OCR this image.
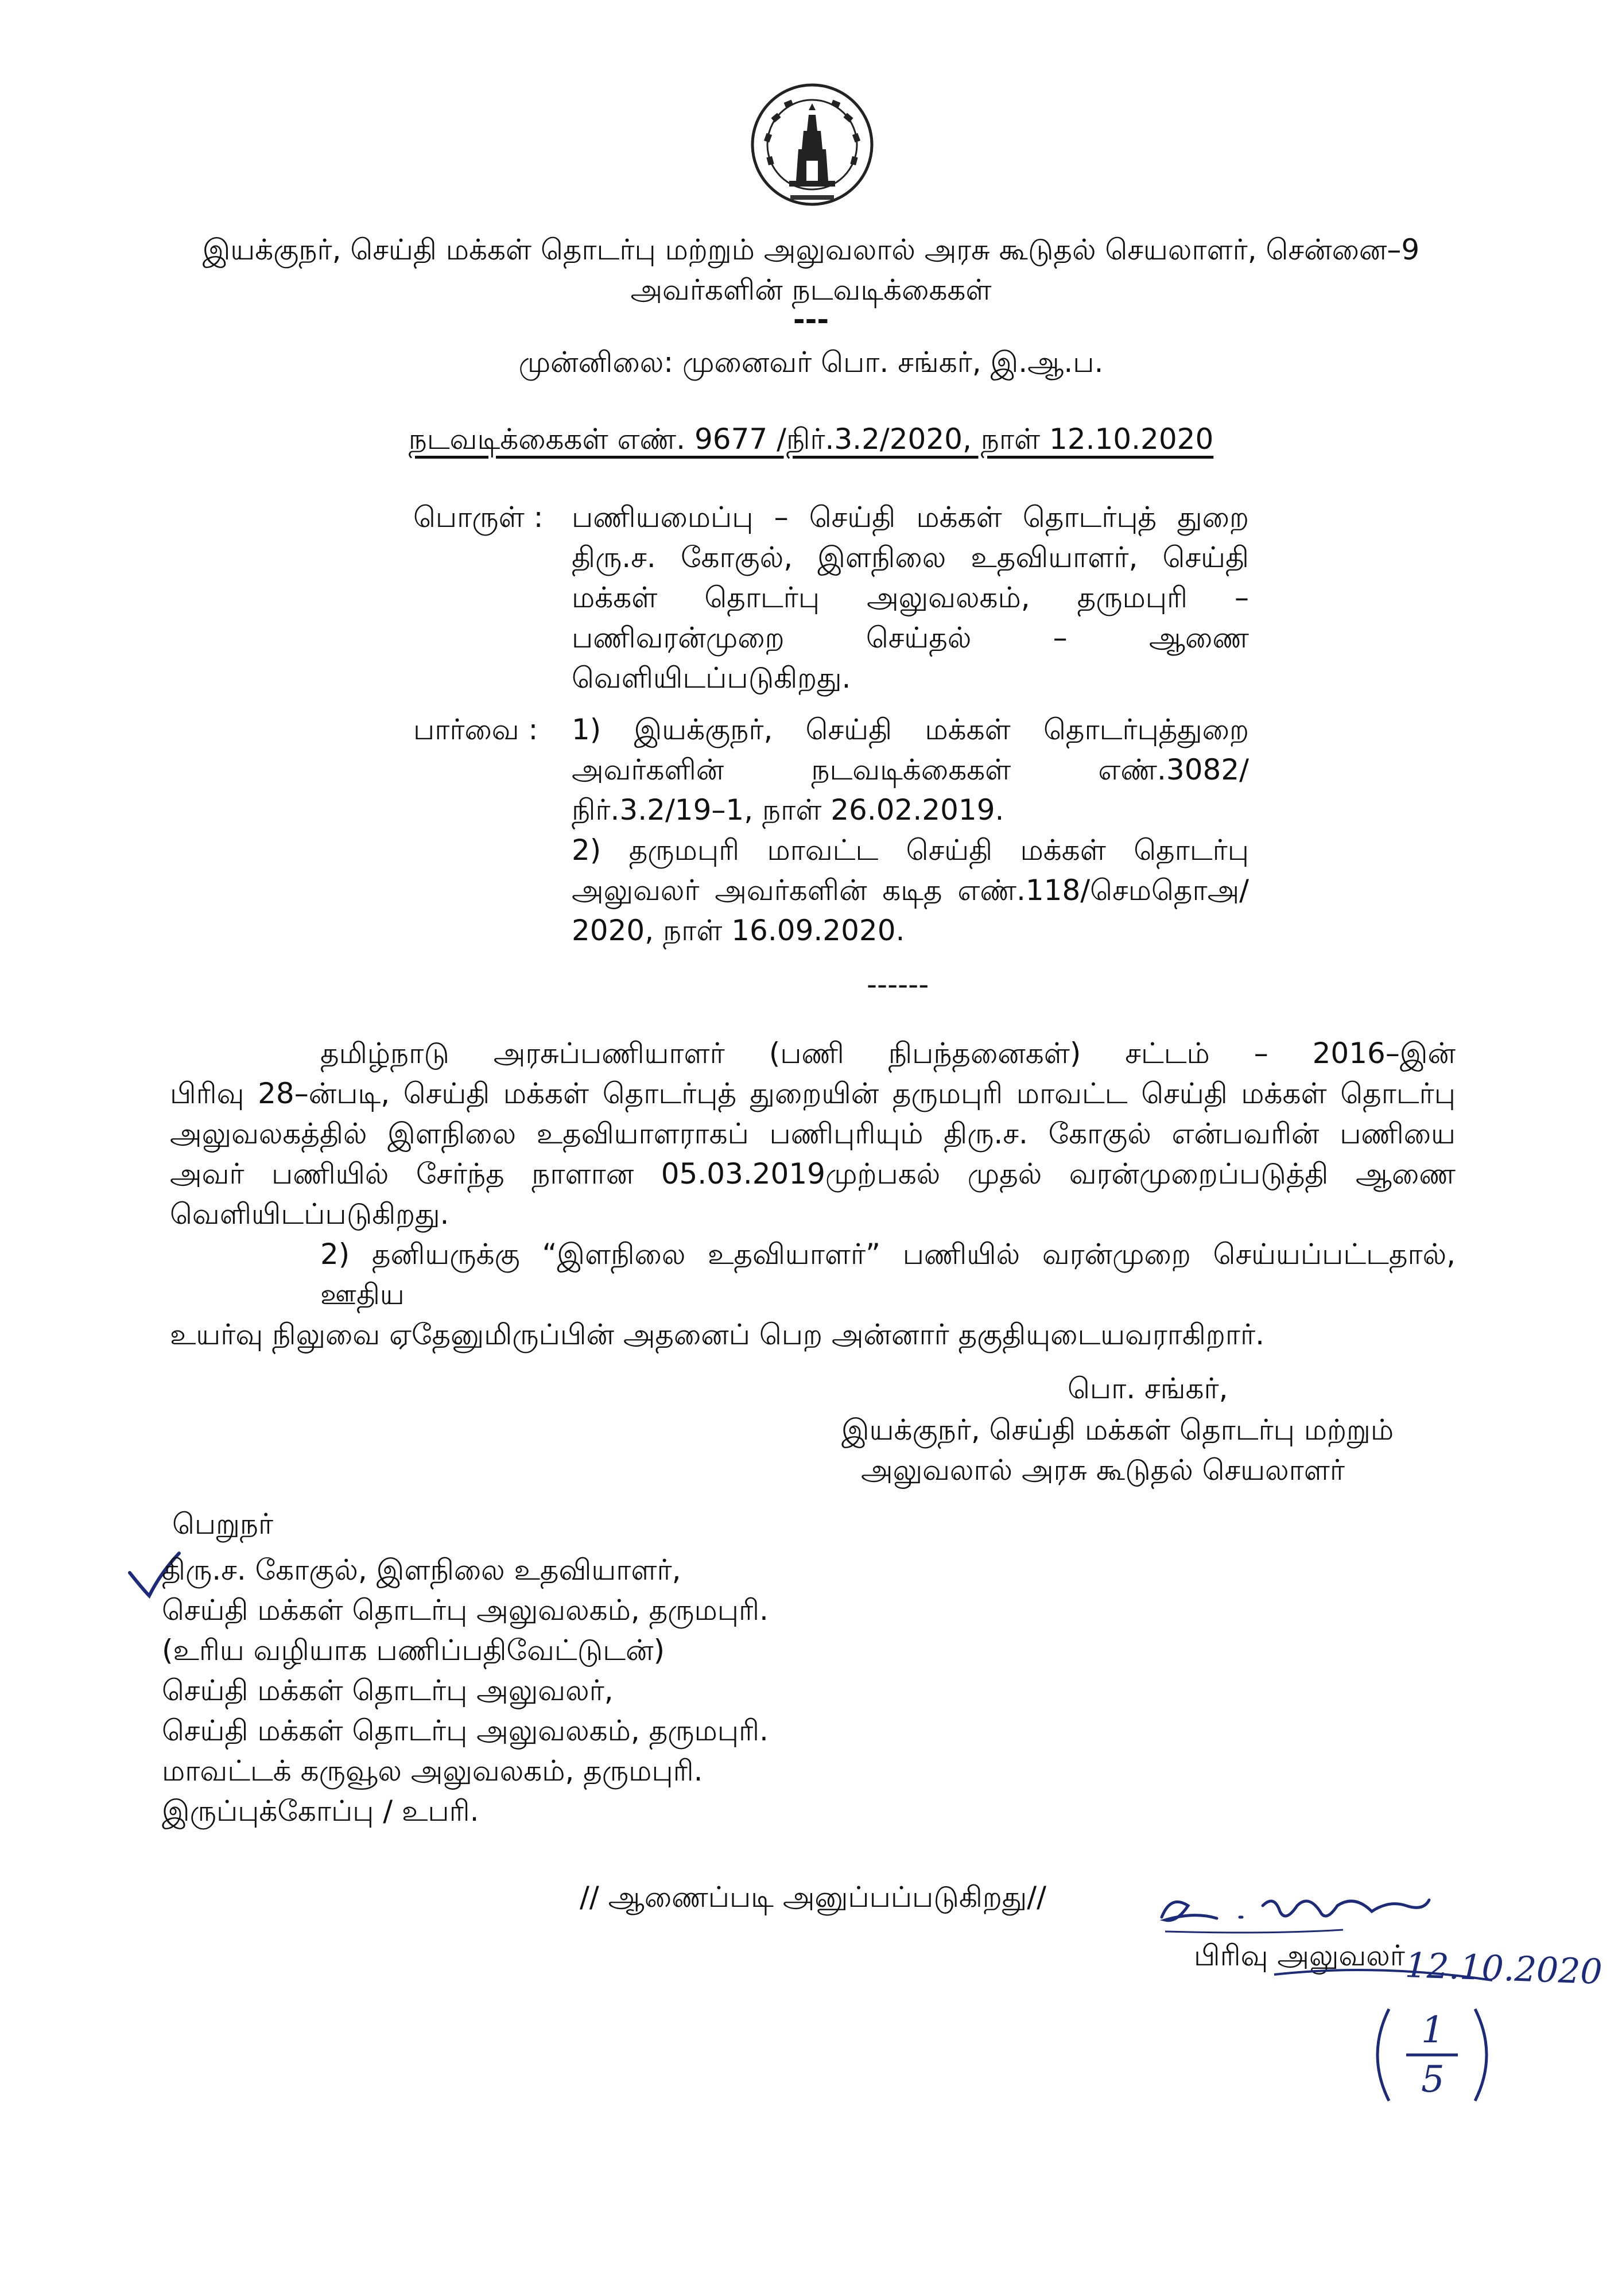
இயக்குநர், செய்தி மக்கள் தொடர்பு மற்றும் அலுவலால் அரசு கூடுதல் செயலாளர், சென்னை–9
அவர்களின் நடவடிக்கைகள்
---
முன்னிலை: முனைவர் பொ. சங்கர், இ.ஆ.ப.
நடவடிக்கைகள் எண். 9677 /நிர்.3.2/2020, நாள் 12.10.2020
பொருள் : பணியமைப்பு – செய்தி மக்கள் தொடர்புத் துறை
திரு.ச. கோகுல், இளநிலை உதவியாளர், செய்தி
மக்கள் தொடர்பு அலுவலகம், தருமபுரி –
பணிவரன்முறை செய்தல் – ஆணை
வெளியிடப்படுகிறது.
பார்வை : 1) இயக்குநர், செய்தி மக்கள் தொடர்புத்துறை
அவர்களின் நடவடிக்கைகள் எண்.3082/
நிர்.3.2/19–1, நாள் 26.02.2019.
2) தருமபுரி மாவட்ட செய்தி மக்கள் தொடர்பு
அலுவலர் அவர்களின் கடித எண்.118/செமதொஅ/
2020, நாள் 16.09.2020.
------
தமிழ்நாடு அரசுப்பணியாளர் (பணி நிபந்தனைகள்) சட்டம் – 2016–இன்
பிரிவு 28–ன்படி, செய்தி மக்கள் தொடர்புத் துறையின் தருமபுரி மாவட்ட செய்தி மக்கள் தொடர்பு
அலுவலகத்தில் இளநிலை உதவியாளராகப் பணிபுரியும் திரு.ச. கோகுல் என்பவரின் பணியை
அவர் பணியில் சேர்ந்த நாளான 05.03.2019முற்பகல் முதல் வரன்முறைப்படுத்தி ஆணை
வெளியிடப்படுகிறது.
2) தனியருக்கு “இளநிலை உதவியாளர்” பணியில் வரன்முறை செய்யப்பட்டதால், ஊதிய
உயர்வு நிலுவை ஏதேனுமிருப்பின் அதனைப் பெற அன்னார் தகுதியுடையவராகிறார்.
பொ. சங்கர்,
இயக்குநர், செய்தி மக்கள் தொடர்பு மற்றும்
அலுவலால் அரசு கூடுதல் செயலாளர்
பெறுநர்
திரு.ச. கோகுல், இளநிலை உதவியாளர்,
செய்தி மக்கள் தொடர்பு அலுவலகம், தருமபுரி.
(உரிய வழியாக பணிப்பதிவேட்டுடன்)
செய்தி மக்கள் தொடர்பு அலுவலர்,
செய்தி மக்கள் தொடர்பு அலுவலகம், தருமபுரி.
மாவட்டக் கருவூல அலுவலகம், தருமபுரி.
இருப்புக்கோப்பு / உபரி.
// ஆணைப்படி அனுப்பப்படுகிறது//
பிரிவு அலுவலர்
12.10.2020
1
5
